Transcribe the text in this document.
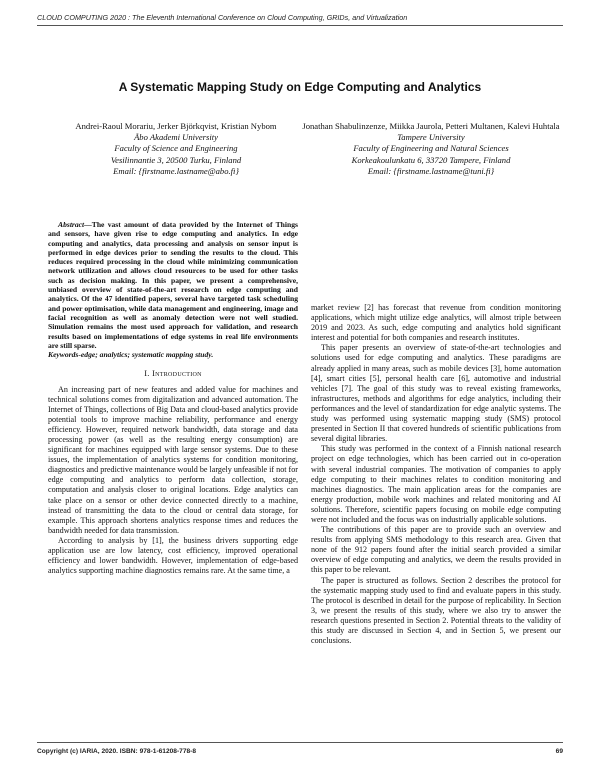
CLOUD COMPUTING 2020 : The Eleventh International Conference on Cloud Computing, GRIDs, and Virtualization
A Systematic Mapping Study on Edge Computing and Analytics
Andrei-Raoul Morariu, Jerker Björkqvist, Kristian Nybom
Åbo Akademi University
Faculty of Science and Engineering
Vesilinnantie 3, 20500 Turku, Finland
Email: {firstname.lastname@abo.fi}
Jonathan Shabulinzenze, Miikka Jaurola, Petteri Multanen, Kalevi Huhtala
Tampere University
Faculty of Engineering and Natural Sciences
Korkeakoulunkatu 6, 33720 Tampere, Finland
Email: {firstname.lastname@tuni.fi}

Abstract—The vast amount of data provided by the Internet of Things and sensors, have given rise to edge computing and analytics. In edge computing and analytics, data processing and analysis on sensor input is performed in edge devices prior to sending the results to the cloud. This reduces required processing in the cloud while minimizing communication network utilization and allows cloud resources to be used for other tasks such as decision making. In this paper, we present a comprehensive, unbiased overview of state-of-the-art research on edge computing and analytics. Of the 47 identified papers, several have targeted task scheduling and power optimisation, while data management and engineering, image and facial recognition as well as anomaly detection were not well studied. Simulation remains the most used approach for validation, and research results based on implementations of edge systems in real life environments are still sparse.

Keywords-edge; analytics; systematic mapping study.

I. Introduction

An increasing part of new features and added value for machines and technical solutions comes from digitalization and advanced automation. The Internet of Things, collections of Big Data and cloud-based analytics provide potential tools to improve machine reliability, performance and energy efficiency. However, required network bandwidth, data storage and data processing power (as well as the resulting energy consumption) are significant for machines equipped with large sensor systems. Due to these issues, the implementation of analytics systems for condition monitoring, diagnostics and predictive maintenance would be largely unfeasible if not for edge computing and analytics to perform data collection, storage, computation and analysis closer to original locations. Edge analytics can take place on a sensor or other device connected directly to a machine, instead of transmitting the data to the cloud or central data storage, for example. This approach shortens analytics response times and reduces the bandwidth needed for data transmission.

According to analysis by [1], the business drivers supporting edge application use are low latency, cost efficiency, improved operational efficiency and lower bandwidth. However, implementation of edge-based analytics supporting machine diagnostics remains rare. At the same time, a

market review [2] has forecast that revenue from condition monitoring applications, which might utilize edge analytics, will almost triple between 2019 and 2023. As such, edge computing and analytics hold significant interest and potential for both companies and research institutes.

This paper presents an overview of state-of-the-art technologies and solutions used for edge computing and analytics. These paradigms are already applied in many areas, such as mobile devices [3], home automation [4], smart cities [5], personal health care [6], automotive and industrial vehicles [7]. The goal of this study was to reveal existing frameworks, infrastructures, methods and algorithms for edge analytics, including their performances and the level of standardization for edge analytic systems. The study was performed using systematic mapping study (SMS) protocol presented in Section II that covered hundreds of scientific publications from several digital libraries.

This study was performed in the context of a Finnish national research project on edge technologies, which has been carried out in co-operation with several industrial companies. The motivation of companies to apply edge computing to their machines relates to condition monitoring and machines diagnostics. The main application areas for the companies are energy production, mobile work machines and related monitoring and AI solutions. Therefore, scientific papers focusing on mobile edge computing were not included and the focus was on industrially applicable solutions.

The contributions of this paper are to provide such an overview and results from applying SMS methodology to this research area. Given that none of the 912 papers found after the initial search provided a similar overview of edge computing and analytics, we deem the results provided in this paper to be relevant.

The paper is structured as follows. Section 2 describes the protocol for the systematic mapping study used to find and evaluate papers in this study. The protocol is described in detail for the purpose of replicability. In Section 3, we present the results of this study, where we also try to answer the research questions presented in Section 2. Potential threats to the validity of this study are discussed in Section 4, and in Section 5, we present our conclusions.

Copyright (c) IARIA, 2020. ISBN: 978-1-61208-778-8	69
